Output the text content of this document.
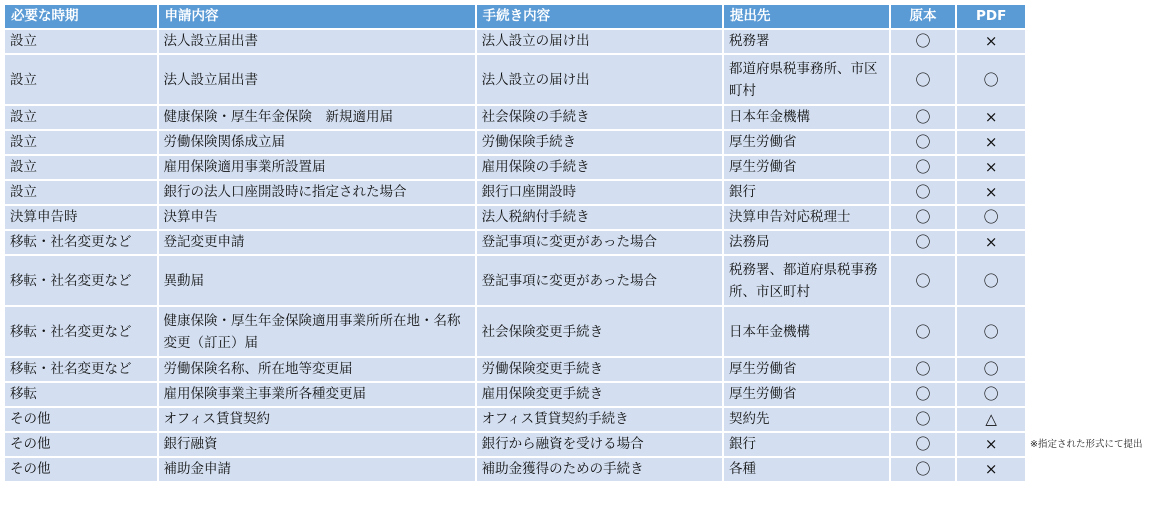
必要な時期	申請内容	手続き内容	提出先	原本	PDF
設立	法人設立届出書	法人設立の届け出	税務署	〇	×
設立	法人設立届出書	法人設立の届け出	都道府県税事務所、市区町村	〇	〇
設立	健康保険・厚生年金保険　新規適用届	社会保険の手続き	日本年金機構	〇	×
設立	労働保険関係成立届	労働保険手続き	厚生労働省	〇	×
設立	雇用保険適用事業所設置届	雇用保険の手続き	厚生労働省	〇	×
設立	銀行の法人口座開設時に指定された場合	銀行口座開設時	銀行	〇	×
決算申告時	決算申告	法人税納付手続き	決算申告対応税理士	〇	〇
移転・社名変更など	登記変更申請	登記事項に変更があった場合	法務局	〇	×
移転・社名変更など	異動届	登記事項に変更があった場合	税務署、都道府県税事務所、市区町村	〇	〇
移転・社名変更など	健康保険・厚生年金保険適用事業所所在地・名称変更（訂正）届	社会保険変更手続き	日本年金機構	〇	〇
移転・社名変更など	労働保険名称、所在地等変更届	労働保険変更手続き	厚生労働省	〇	〇
移転	雇用保険事業主事業所各種変更届	雇用保険変更手続き	厚生労働省	〇	〇
その他	オフィス賃貸契約	オフィス賃貸契約手続き	契約先	〇	△
その他	銀行融資	銀行から融資を受ける場合	銀行	〇	×
その他	補助金申請	補助金獲得のための手続き	各種	〇	×
※指定された形式にて提出
